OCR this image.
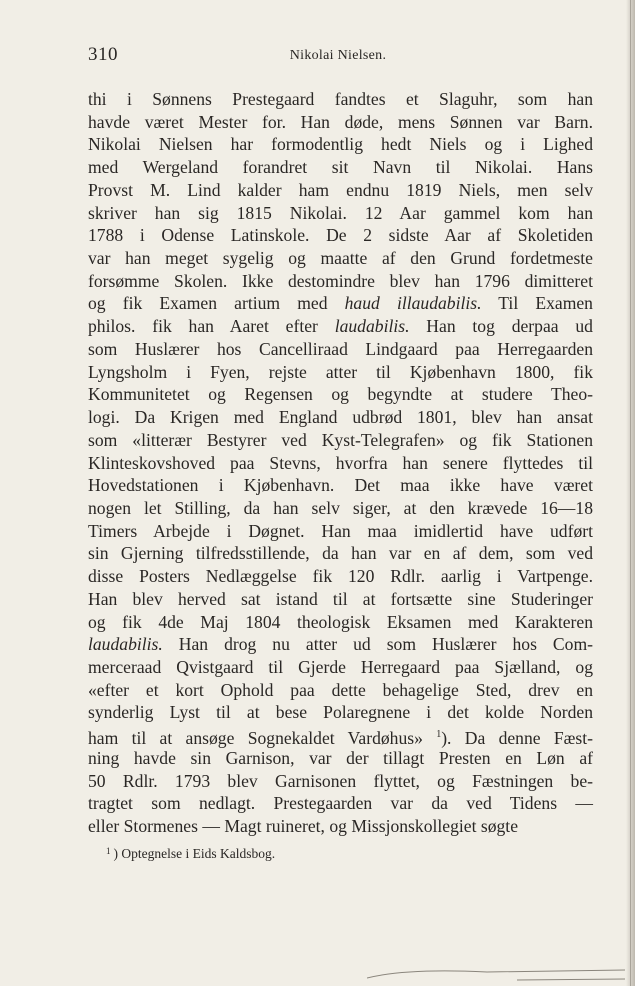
310	Nikolai Nielsen.
thi i Sønnens Prestegaard fandtes et Slaguhr, som han
havde været Mester for. Han døde, mens Sønnen var Barn.
Nikolai Nielsen har formodentlig hedt Niels og i Lighed
med Wergeland forandret sit Navn til Nikolai. Hans
Provst M. Lind kalder ham endnu 1819 Niels, men selv
skriver han sig 1815 Nikolai. 12 Aar gammel kom han
1788 i Odense Latinskole. De 2 sidste Aar af Skoletiden
var han meget sygelig og maatte af den Grund fordetmeste
forsømme Skolen. Ikke destomindre blev han 1796 dimitteret
og fik Examen artium med haud illaudabilis. Til Examen
philos. fik han Aaret efter laudabilis. Han tog derpaa ud
som Huslærer hos Cancelliraad Lindgaard paa Herregaarden
Lyngsholm i Fyen, rejste atter til Kjøbenhavn 1800, fik
Kommunitetet og Regensen og begyndte at studere Theo-
logi. Da Krigen med England udbrød 1801, blev han ansat
som «litterær Bestyrer ved Kyst-Telegrafen» og fik Stationen
Klinteskovshoved paa Stevns, hvorfra han senere flyttedes til
Hovedstationen i Kjøbenhavn. Det maa ikke have været
nogen let Stilling, da han selv siger, at den krævede 16—18
Timers Arbejde i Døgnet. Han maa imidlertid have udført
sin Gjerning tilfredsstillende, da han var en af dem, som ved
disse Posters Nedlæggelse fik 120 Rdlr. aarlig i Vartpenge.
Han blev herved sat istand til at fortsætte sine Studeringer
og fik 4de Maj 1804 theologisk Eksamen med Karakteren
laudabilis. Han drog nu atter ud som Huslærer hos Com-
merceraad Qvistgaard til Gjerde Herregaard paa Sjælland, og
«efter et kort Ophold paa dette behagelige Sted, drev en
synderlig Lyst til at bese Polaregnene i det kolde Norden
ham til at ansøge Sognekaldet Vardøhus» $^1$). Da denne Fæst-
ning havde sin Garnison, var der tillagt Presten en Løn af
50 Rdlr. 1793 blev Garnisonen flyttet, og Fæstningen be-
tragtet som nedlagt. Prestegaarden var da ved Tidens —
eller Stormenes — Magt ruineret, og Missjonskollegiet søgte
$^1$ ) Optegnelse i Eids Kaldsbog.
